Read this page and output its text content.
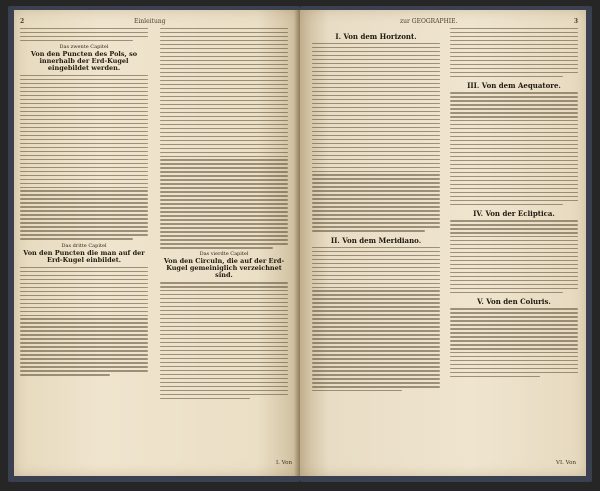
2	Einleitung
Das zwente Capitel
Von den Puncten des Pols, so innerhalb der Erd-Kugel eingebildet werden.
Das dritte Capitel
Von den Puncten die man auf der Erd-Kugel einbildet.
Das vierdte Capitel
Von den Circuln, die auf der Erd-Kugel gemeiniglich verzeichnet sind.
I. Von
zur GEOGRAPHIE.	3
I. Von dem Horizont.
II. Von dem Meridiano.
III. Von dem Aequatore.
IV. Von der Ecliptica.
V. Von den Coluris.
VI. Von
